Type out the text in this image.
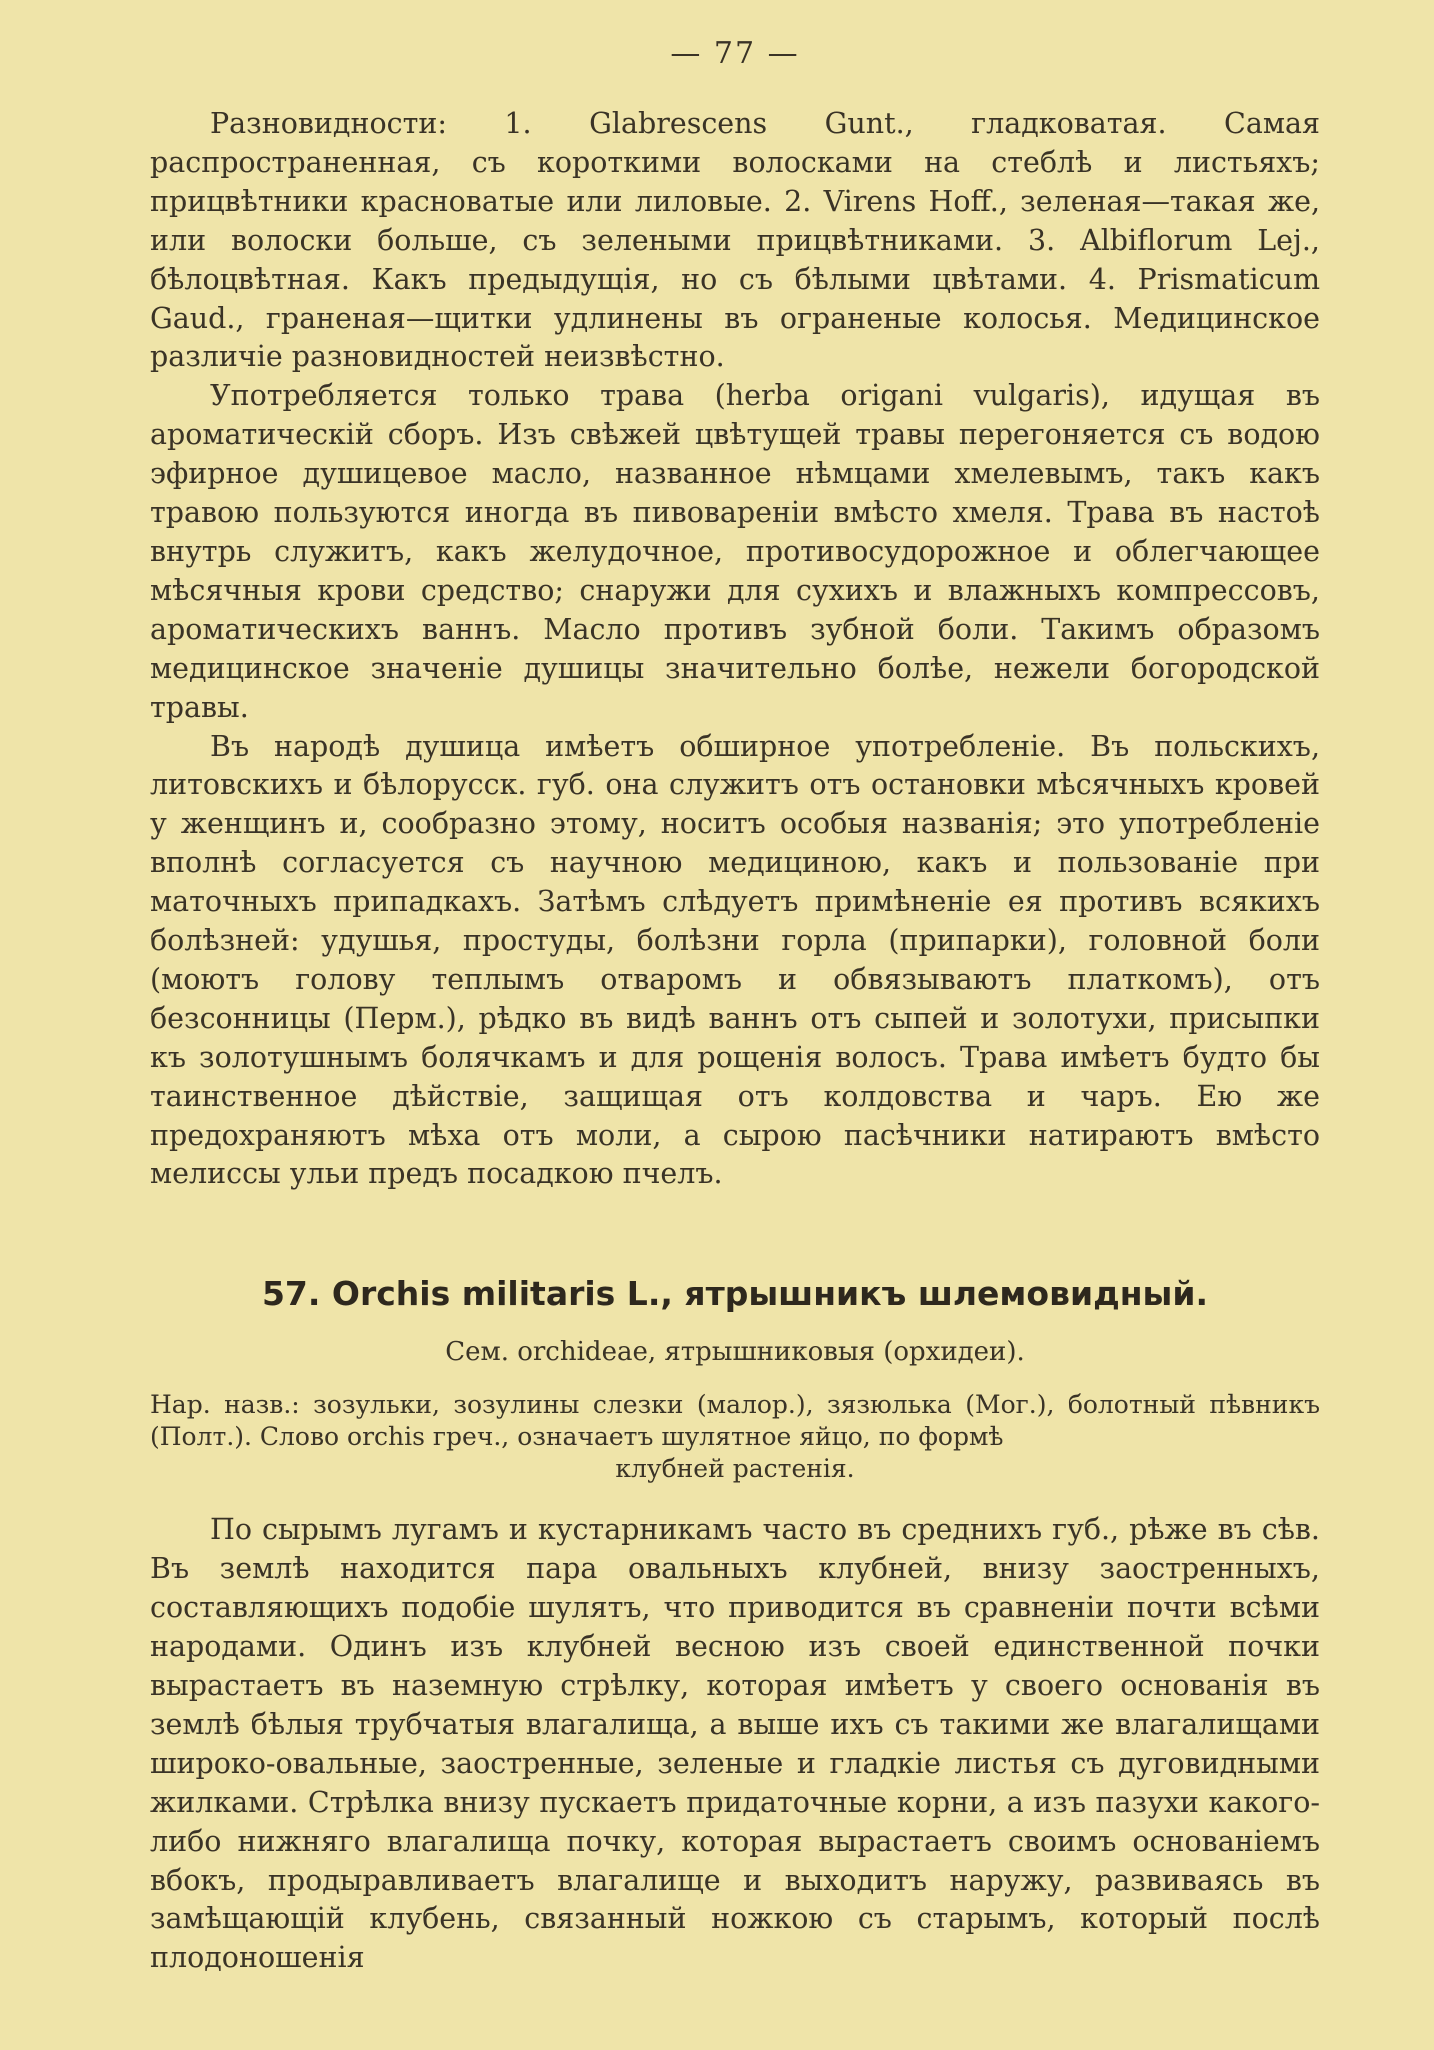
— 77 —

Разновидности: 1. Glabrescens Gunt., гладковатая. Самая распространенная, съ короткими волосками на стеблѣ и листьяхъ; прицвѣтники красноватые или лиловые. 2. Virens Hoff., зеленая—такая же, или волоски больше, съ зелеными прицвѣтниками. 3. Albiflorum Lej., бѣлоцвѣтная. Какъ предыдущія, но съ бѣлыми цвѣтами. 4. Prismaticum Gaud., граненая—щитки удлинены въ ограненые колосья. Медицинское различіе разновидностей неизвѣстно.

Употребляется только трава (herba origani vulgaris), идущая въ ароматическій сборъ. Изъ свѣжей цвѣтущей травы перегоняется съ водою эфирное душицевое масло, названное нѣмцами хмелевымъ, такъ какъ травою пользуются иногда въ пивовареніи вмѣсто хмеля. Трава въ настоѣ внутрь служитъ, какъ желудочное, противосудорожное и облегчающее мѣсячныя крови средство; снаружи для сухихъ и влажныхъ компрессовъ, ароматическихъ ваннъ. Масло противъ зубной боли. Такимъ образомъ медицинское значеніе душицы значительно болѣе, нежели богородской травы.

Въ народѣ душица имѣетъ обширное употребленіе. Въ польскихъ, литовскихъ и бѣлорусск. губ. она служитъ отъ остановки мѣсячныхъ кровей у женщинъ и, сообразно этому, носитъ особыя названія; это употребленіе вполнѣ согласуется съ научною медициною, какъ и пользованіе при маточныхъ припадкахъ. Затѣмъ слѣдуетъ примѣненіе ея противъ всякихъ болѣзней: удушья, простуды, болѣзни горла (припарки), головной боли (моютъ голову теплымъ отваромъ и обвязываютъ платкомъ), отъ безсонницы (Перм.), рѣдко въ видѣ ваннъ отъ сыпей и золотухи, присыпки къ золотушнымъ болячкамъ и для рощенія волосъ. Трава имѣетъ будто бы таинственное дѣйствіе, защищая отъ колдовства и чаръ. Ею же предохраняютъ мѣха отъ моли, а сырою пасѣчники натираютъ вмѣсто мелиссы ульи предъ посадкою пчелъ.

57. Orchis militaris L., ятрышникъ шлемовидный.
Сем. orchideae, ятрышниковыя (орхидеи).
Нар. назв.: зозульки, зозулины слезки (малор.), зязюлька (Мог.), болотный пѣвникъ (Полт.). Слово orchis греч., означаетъ шулятное яйцо, по формѣ
клубней растенія.

По сырымъ лугамъ и кустарникамъ часто въ среднихъ губ., рѣже въ сѣв. Въ землѣ находится пара овальныхъ клубней, внизу заостренныхъ, составляющихъ подобіе шулятъ, что приводится въ сравненіи почти всѣми народами. Одинъ изъ клубней весною изъ своей единственной почки вырастаетъ въ наземную стрѣлку, которая имѣетъ у своего основанія въ землѣ бѣлыя трубчатыя влагалища, а выше ихъ съ такими же влагалищами широко-овальные, заостренные, зеленые и гладкіе листья съ дуговидными жилками. Стрѣлка внизу пускаетъ придаточные корни, а изъ пазухи какого-либо нижняго влагалища почку, которая вырастаетъ своимъ основаніемъ вбокъ, продыравливаетъ влагалище и выходитъ наружу, развиваясь въ замѣщающій клубень, связанный ножкою съ старымъ, который послѣ плодоношенія
